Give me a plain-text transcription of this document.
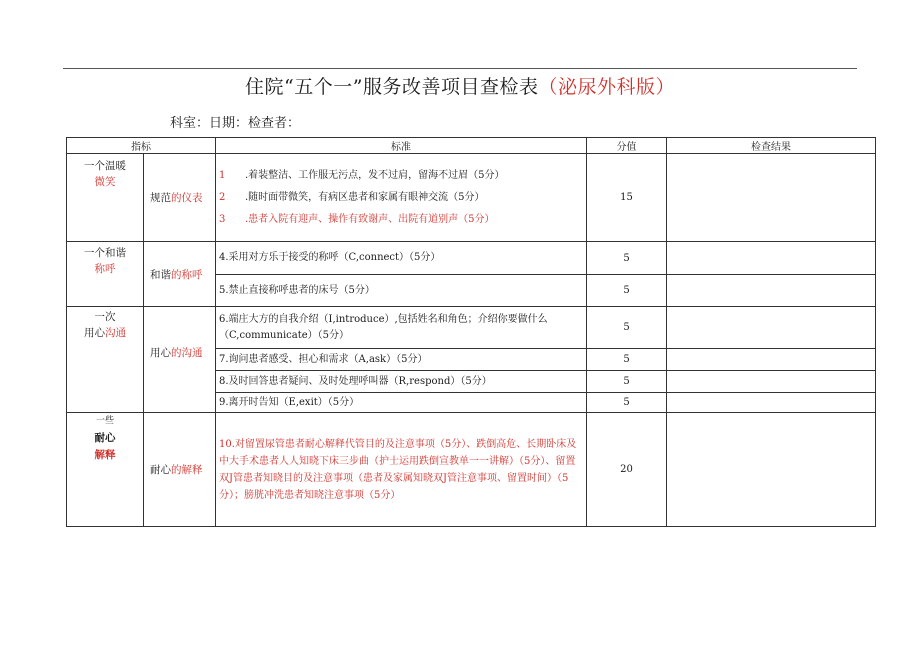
住院“五个一”服务改善项目查检表（泌尿外科版）
科室：日期：检查者：
指标		标准	分值	检查结果

一个温暖
微笑	规范的仪表	1 .着装整洁、工作服无污点，发不过肩，留海不过眉（5分）
2 .随时面带微笑，有病区患者和家属有眼神交流（5分）
3 .患者入院有迎声、操作有致谢声、出院有道别声（5分）	15	

一个和谐
称呼	和谐的称呼	4.采用对方乐于接受的称呼（C,connect）（5分）	5	
		5.禁止直接称呼患者的床号（5分）	5	

一次
用心沟通	用心的沟通	6.端庄大方的自我介绍（I,introduce）,包括姓名和角色；介绍你要做什么（C,communicate）（5分）	5	
		7.询问患者感受、担心和需求（A,ask）（5分）	5	
		8.及时回答患者疑问、及时处理呼叫器（R,respond）（5分）	5	
		9.离开时告知（E,exit）（5分）	5	

一些
耐心
解释	耐心的解释	10.对留置尿管患者耐心解释代管目的及注意事项（5分）、跌倒高危、长期卧床及中大手术患者人人知晓下床三步曲（护士运用跌倒宣教单一一讲解）（5分）、留置双J管患者知晓目的及注意事项（患者及家属知晓双J管注意事项、留置时间）（5分）；膀胱冲洗患者知晓注意事项（5分）	20	
